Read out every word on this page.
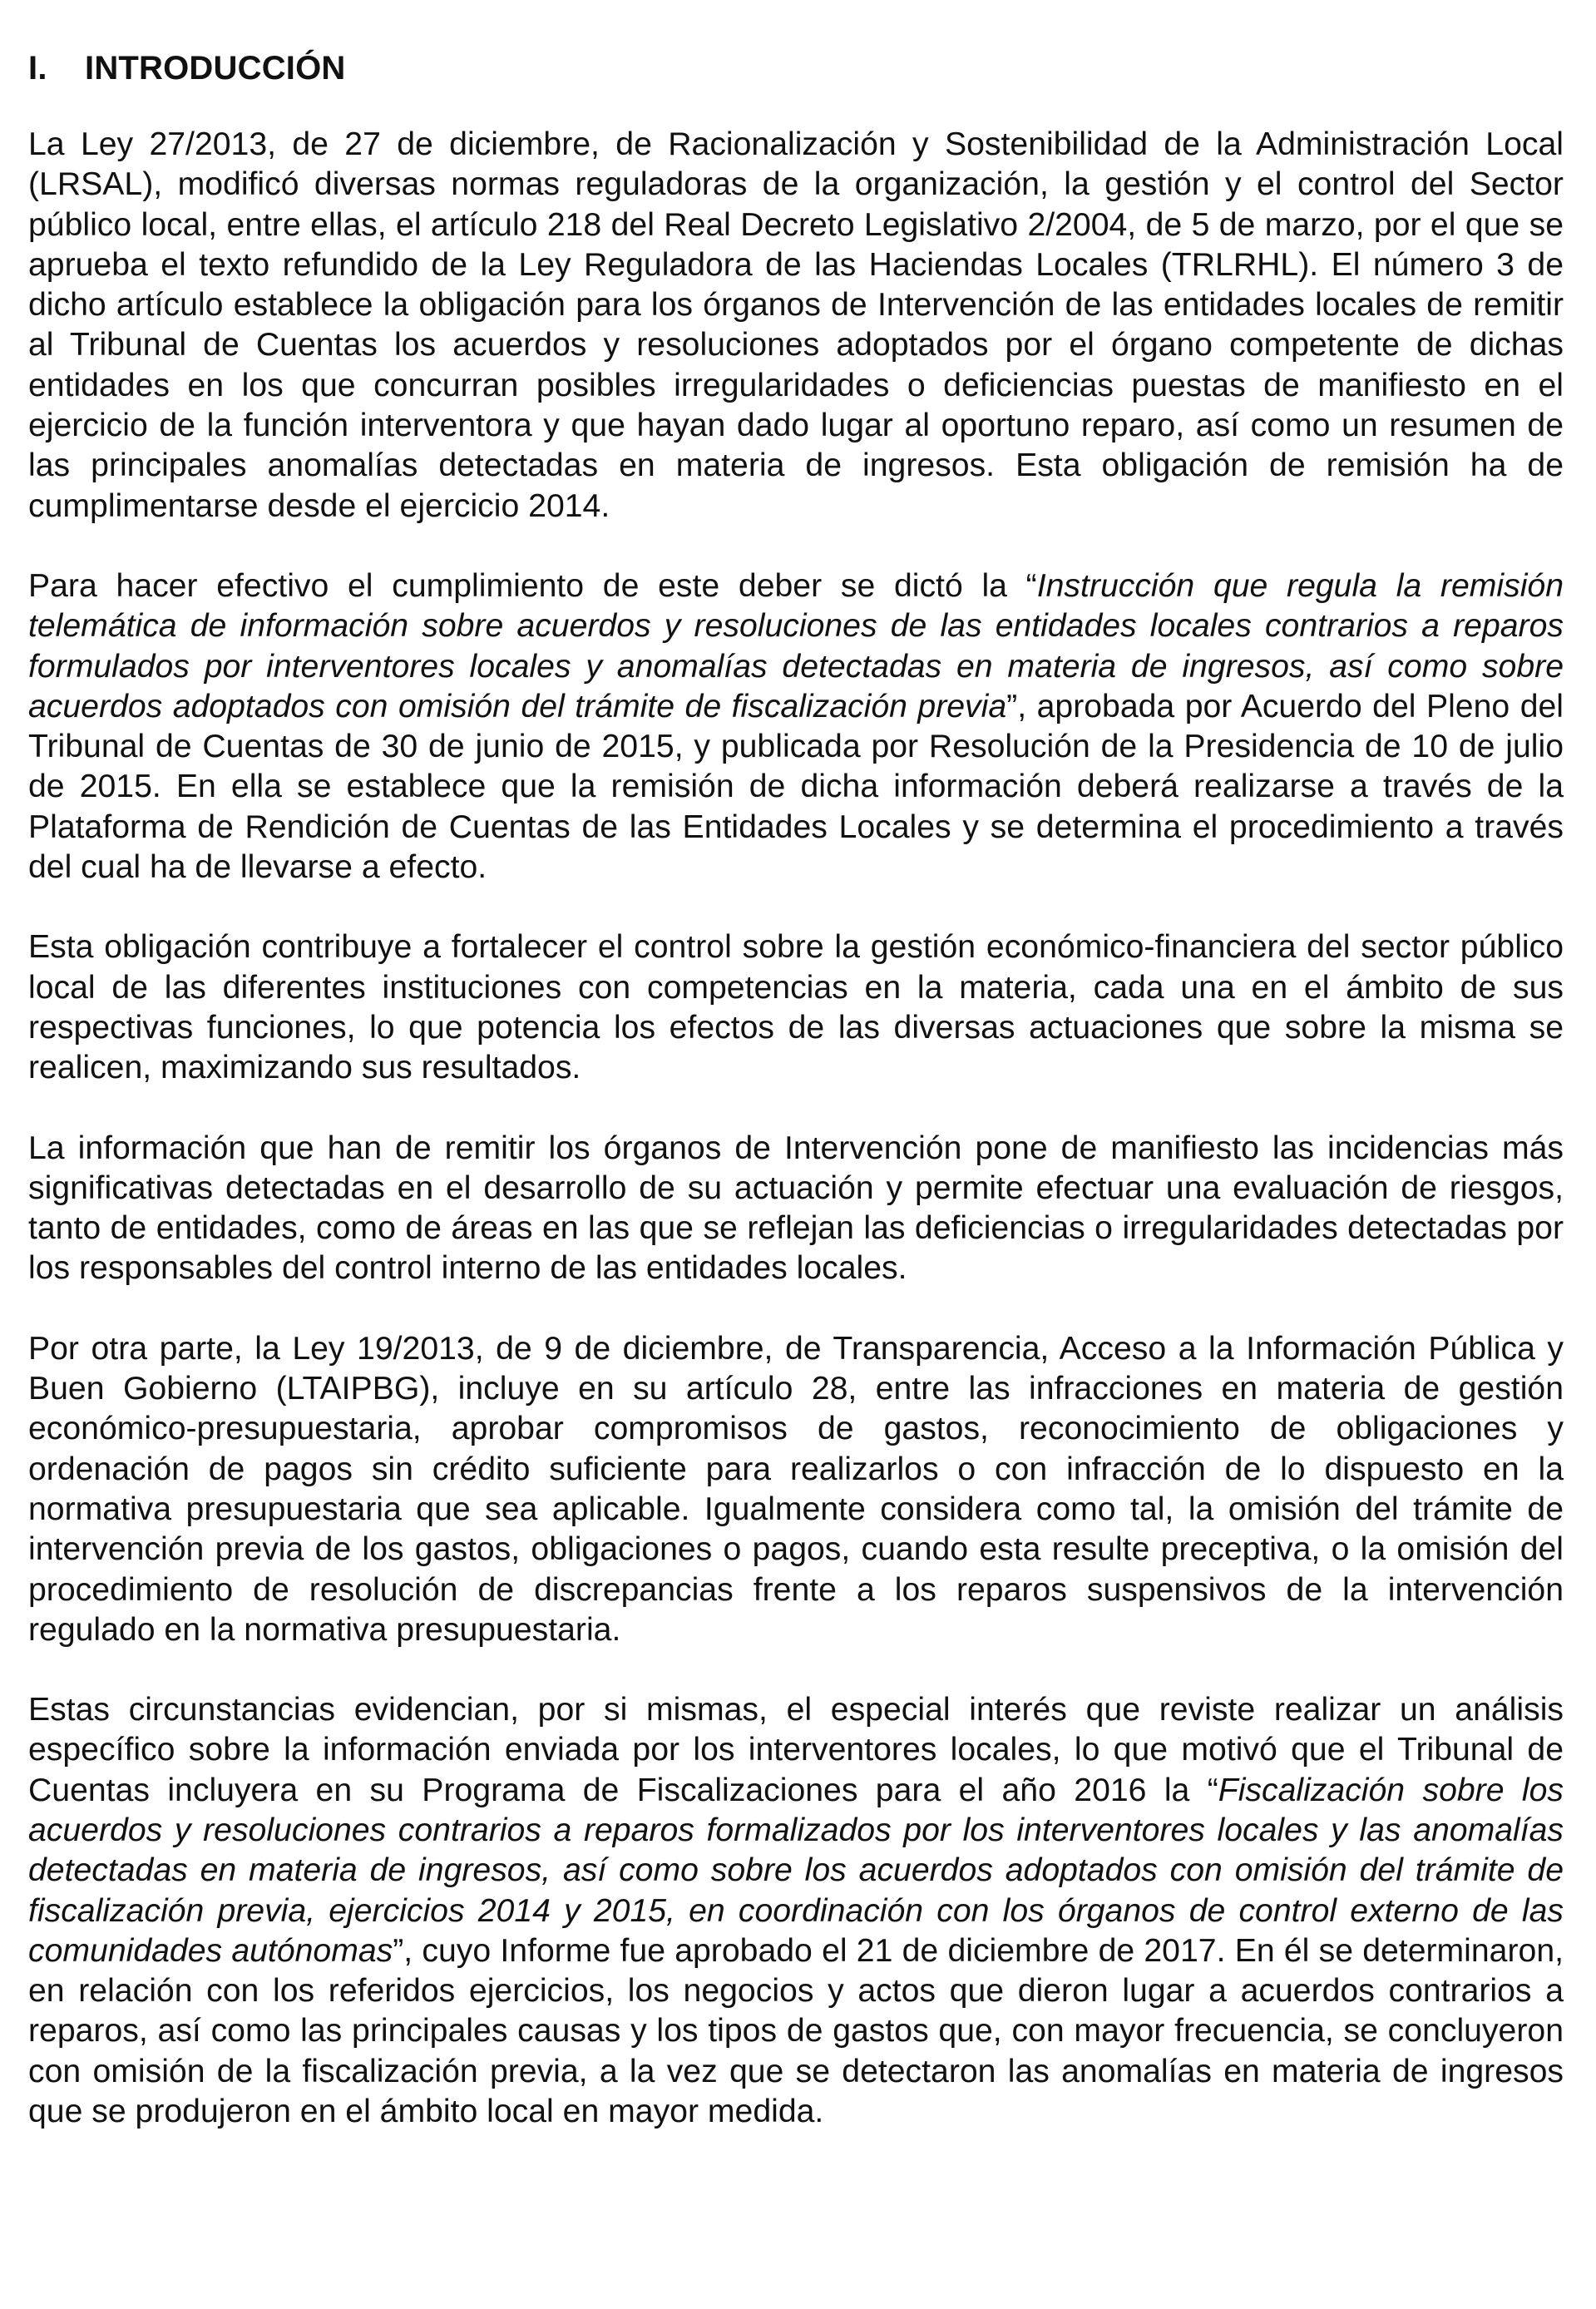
I. INTRODUCCIÓN

La Ley 27/2013, de 27 de diciembre, de Racionalización y Sostenibilidad de la Administración Local (LRSAL), modificó diversas normas reguladoras de la organización, la gestión y el control del Sector público local, entre ellas, el artículo 218 del Real Decreto Legislativo 2/2004, de 5 de marzo, por el que se aprueba el texto refundido de la Ley Reguladora de las Haciendas Locales (TRLRHL). El número 3 de dicho artículo establece la obligación para los órganos de Intervención de las entidades locales de remitir al Tribunal de Cuentas los acuerdos y resoluciones adoptados por el órgano competente de dichas entidades en los que concurran posibles irregularidades o deficiencias puestas de manifiesto en el ejercicio de la función interventora y que hayan dado lugar al oportuno reparo, así como un resumen de las principales anomalías detectadas en materia de ingresos. Esta obligación de remisión ha de cumplimentarse desde el ejercicio 2014.

Para hacer efectivo el cumplimiento de este deber se dictó la “Instrucción que regula la remisión telemática de información sobre acuerdos y resoluciones de las entidades locales contrarios a reparos formulados por interventores locales y anomalías detectadas en materia de ingresos, así como sobre acuerdos adoptados con omisión del trámite de fiscalización previa”, aprobada por Acuerdo del Pleno del Tribunal de Cuentas de 30 de junio de 2015, y publicada por Resolución de la Presidencia de 10 de julio de 2015. En ella se establece que la remisión de dicha información deberá realizarse a través de la Plataforma de Rendición de Cuentas de las Entidades Locales y se determina el procedimiento a través del cual ha de llevarse a efecto.

Esta obligación contribuye a fortalecer el control sobre la gestión económico-financiera del sector público local de las diferentes instituciones con competencias en la materia, cada una en el ámbito de sus respectivas funciones, lo que potencia los efectos de las diversas actuaciones que sobre la misma se realicen, maximizando sus resultados.

La información que han de remitir los órganos de Intervención pone de manifiesto las incidencias más significativas detectadas en el desarrollo de su actuación y permite efectuar una evaluación de riesgos, tanto de entidades, como de áreas en las que se reflejan las deficiencias o irregularidades detectadas por los responsables del control interno de las entidades locales.

Por otra parte, la Ley 19/2013, de 9 de diciembre, de Transparencia, Acceso a la Información Pública y Buen Gobierno (LTAIPBG), incluye en su artículo 28, entre las infracciones en materia de gestión económico-presupuestaria, aprobar compromisos de gastos, reconocimiento de obligaciones y ordenación de pagos sin crédito suficiente para realizarlos o con infracción de lo dispuesto en la normativa presupuestaria que sea aplicable. Igualmente considera como tal, la omisión del trámite de intervención previa de los gastos, obligaciones o pagos, cuando esta resulte preceptiva, o la omisión del procedimiento de resolución de discrepancias frente a los reparos suspensivos de la intervención regulado en la normativa presupuestaria.

Estas circunstancias evidencian, por si mismas, el especial interés que reviste realizar un análisis específico sobre la información enviada por los interventores locales, lo que motivó que el Tribunal de Cuentas incluyera en su Programa de Fiscalizaciones para el año 2016 la “Fiscalización sobre los acuerdos y resoluciones contrarios a reparos formalizados por los interventores locales y las anomalías detectadas en materia de ingresos, así como sobre los acuerdos adoptados con omisión del trámite de fiscalización previa, ejercicios 2014 y 2015, en coordinación con los órganos de control externo de las comunidades autónomas”, cuyo Informe fue aprobado el 21 de diciembre de 2017. En él se determinaron, en relación con los referidos ejercicios, los negocios y actos que dieron lugar a acuerdos contrarios a reparos, así como las principales causas y los tipos de gastos que, con mayor frecuencia, se concluyeron con omisión de la fiscalización previa, a la vez que se detectaron las anomalías en materia de ingresos que se produjeron en el ámbito local en mayor medida.
